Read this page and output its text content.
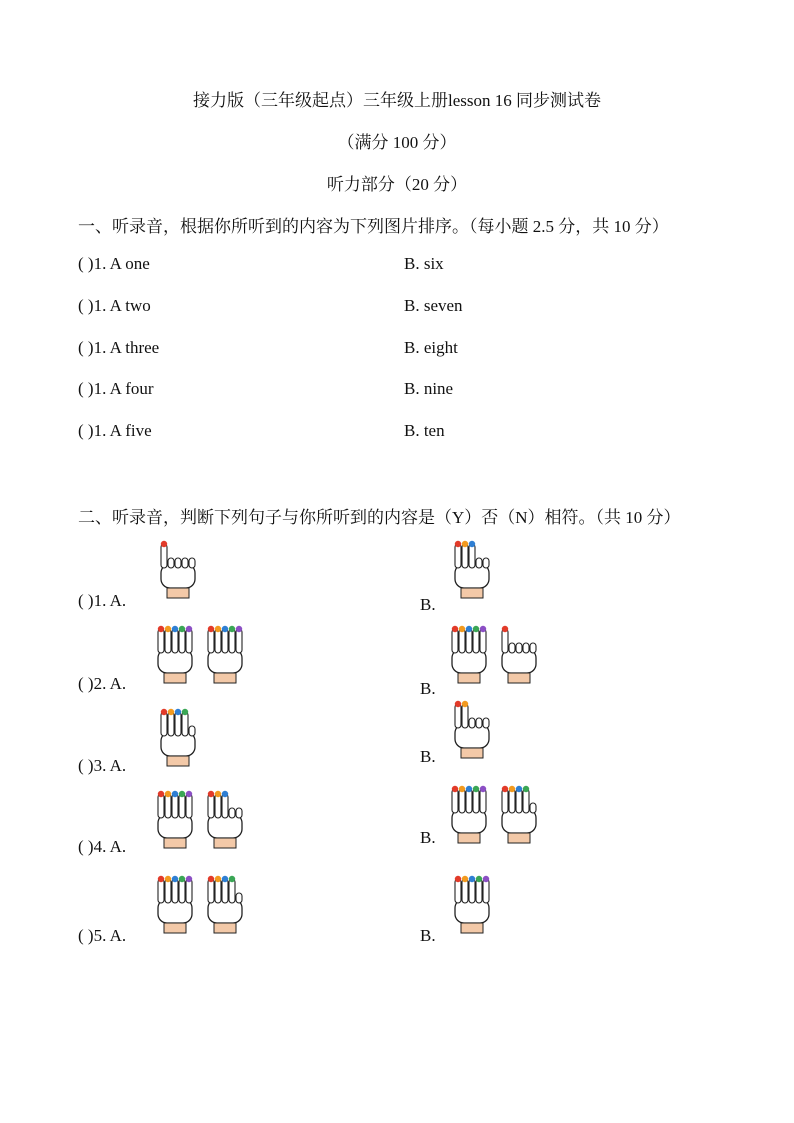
接力版（三年级起点）三年级上册lesson 16 同步测试卷
（满分 100 分）
听力部分（20 分）
一、听录音，根据你所听到的内容为下列图片排序。（每小题 2.5 分，共 10 分）
( )1. A one	B. six
( )1. A two	B. seven
( )1. A three	B. eight
( )1. A four	B. nine
( )1. A five	B. ten
二、听录音，判断下列句子与你所听到的内容是（Y）否（N）相符。（共 10 分）
( )1. A.	B.
( )2. A.	B.
( )3. A.	B.
( )4. A.	B.
( )5. A.	B.
